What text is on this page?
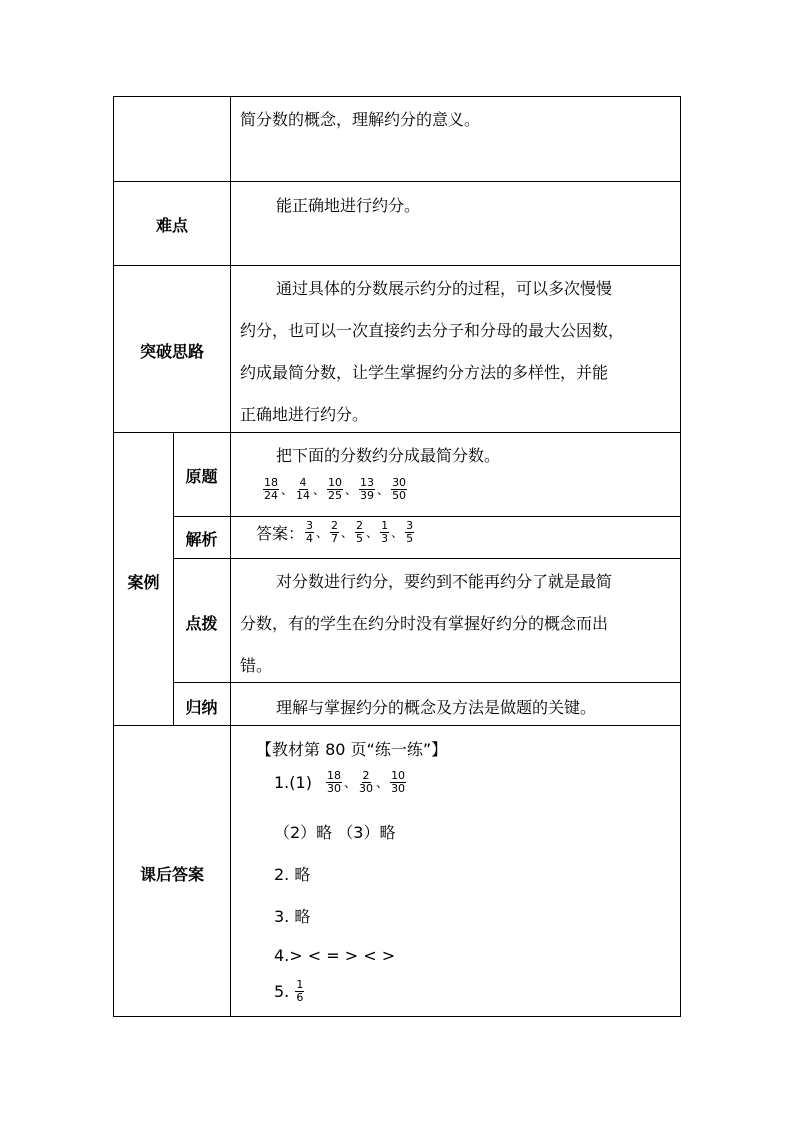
简分数的概念，理解约分的意义。
难点
能正确地进行约分。
突破思路
通过具体的分数展示约分的过程，可以多次慢慢
约分，也可以一次直接约去分子和分母的最大公因数，
约成最简分数，让学生掌握约分方法的多样性，并能
正确地进行约分。
案例
原题
把下面的分数约分成最简分数。
$\frac{18}{24}$ 、 $\frac{4}{14}$ 、 $\frac{10}{25}$ 、 $\frac{13}{39}$ 、 $\frac{30}{50}$
解析	答案： $\frac{3}{4}$ 、 $\frac{2}{7}$ 、 $\frac{2}{5}$ 、 $\frac{1}{3}$ 、 $\frac{3}{5}$
点拨
对分数进行约分，要约到不能再约分了就是最简
分数，有的学生在约分时没有掌握好约分的概念而出
错。
归纳	理解与掌握约分的概念及方法是做题的关键。
课后答案
【教材第 80 页“练一练”】
$1.(1) \frac{18}{30}$ 、 $\frac{2}{30}$ 、 $\frac{10}{30}$
（2）略 （3）略
2. 略
3. 略
4.> < = > < >
5. $\frac{1}{6}$
